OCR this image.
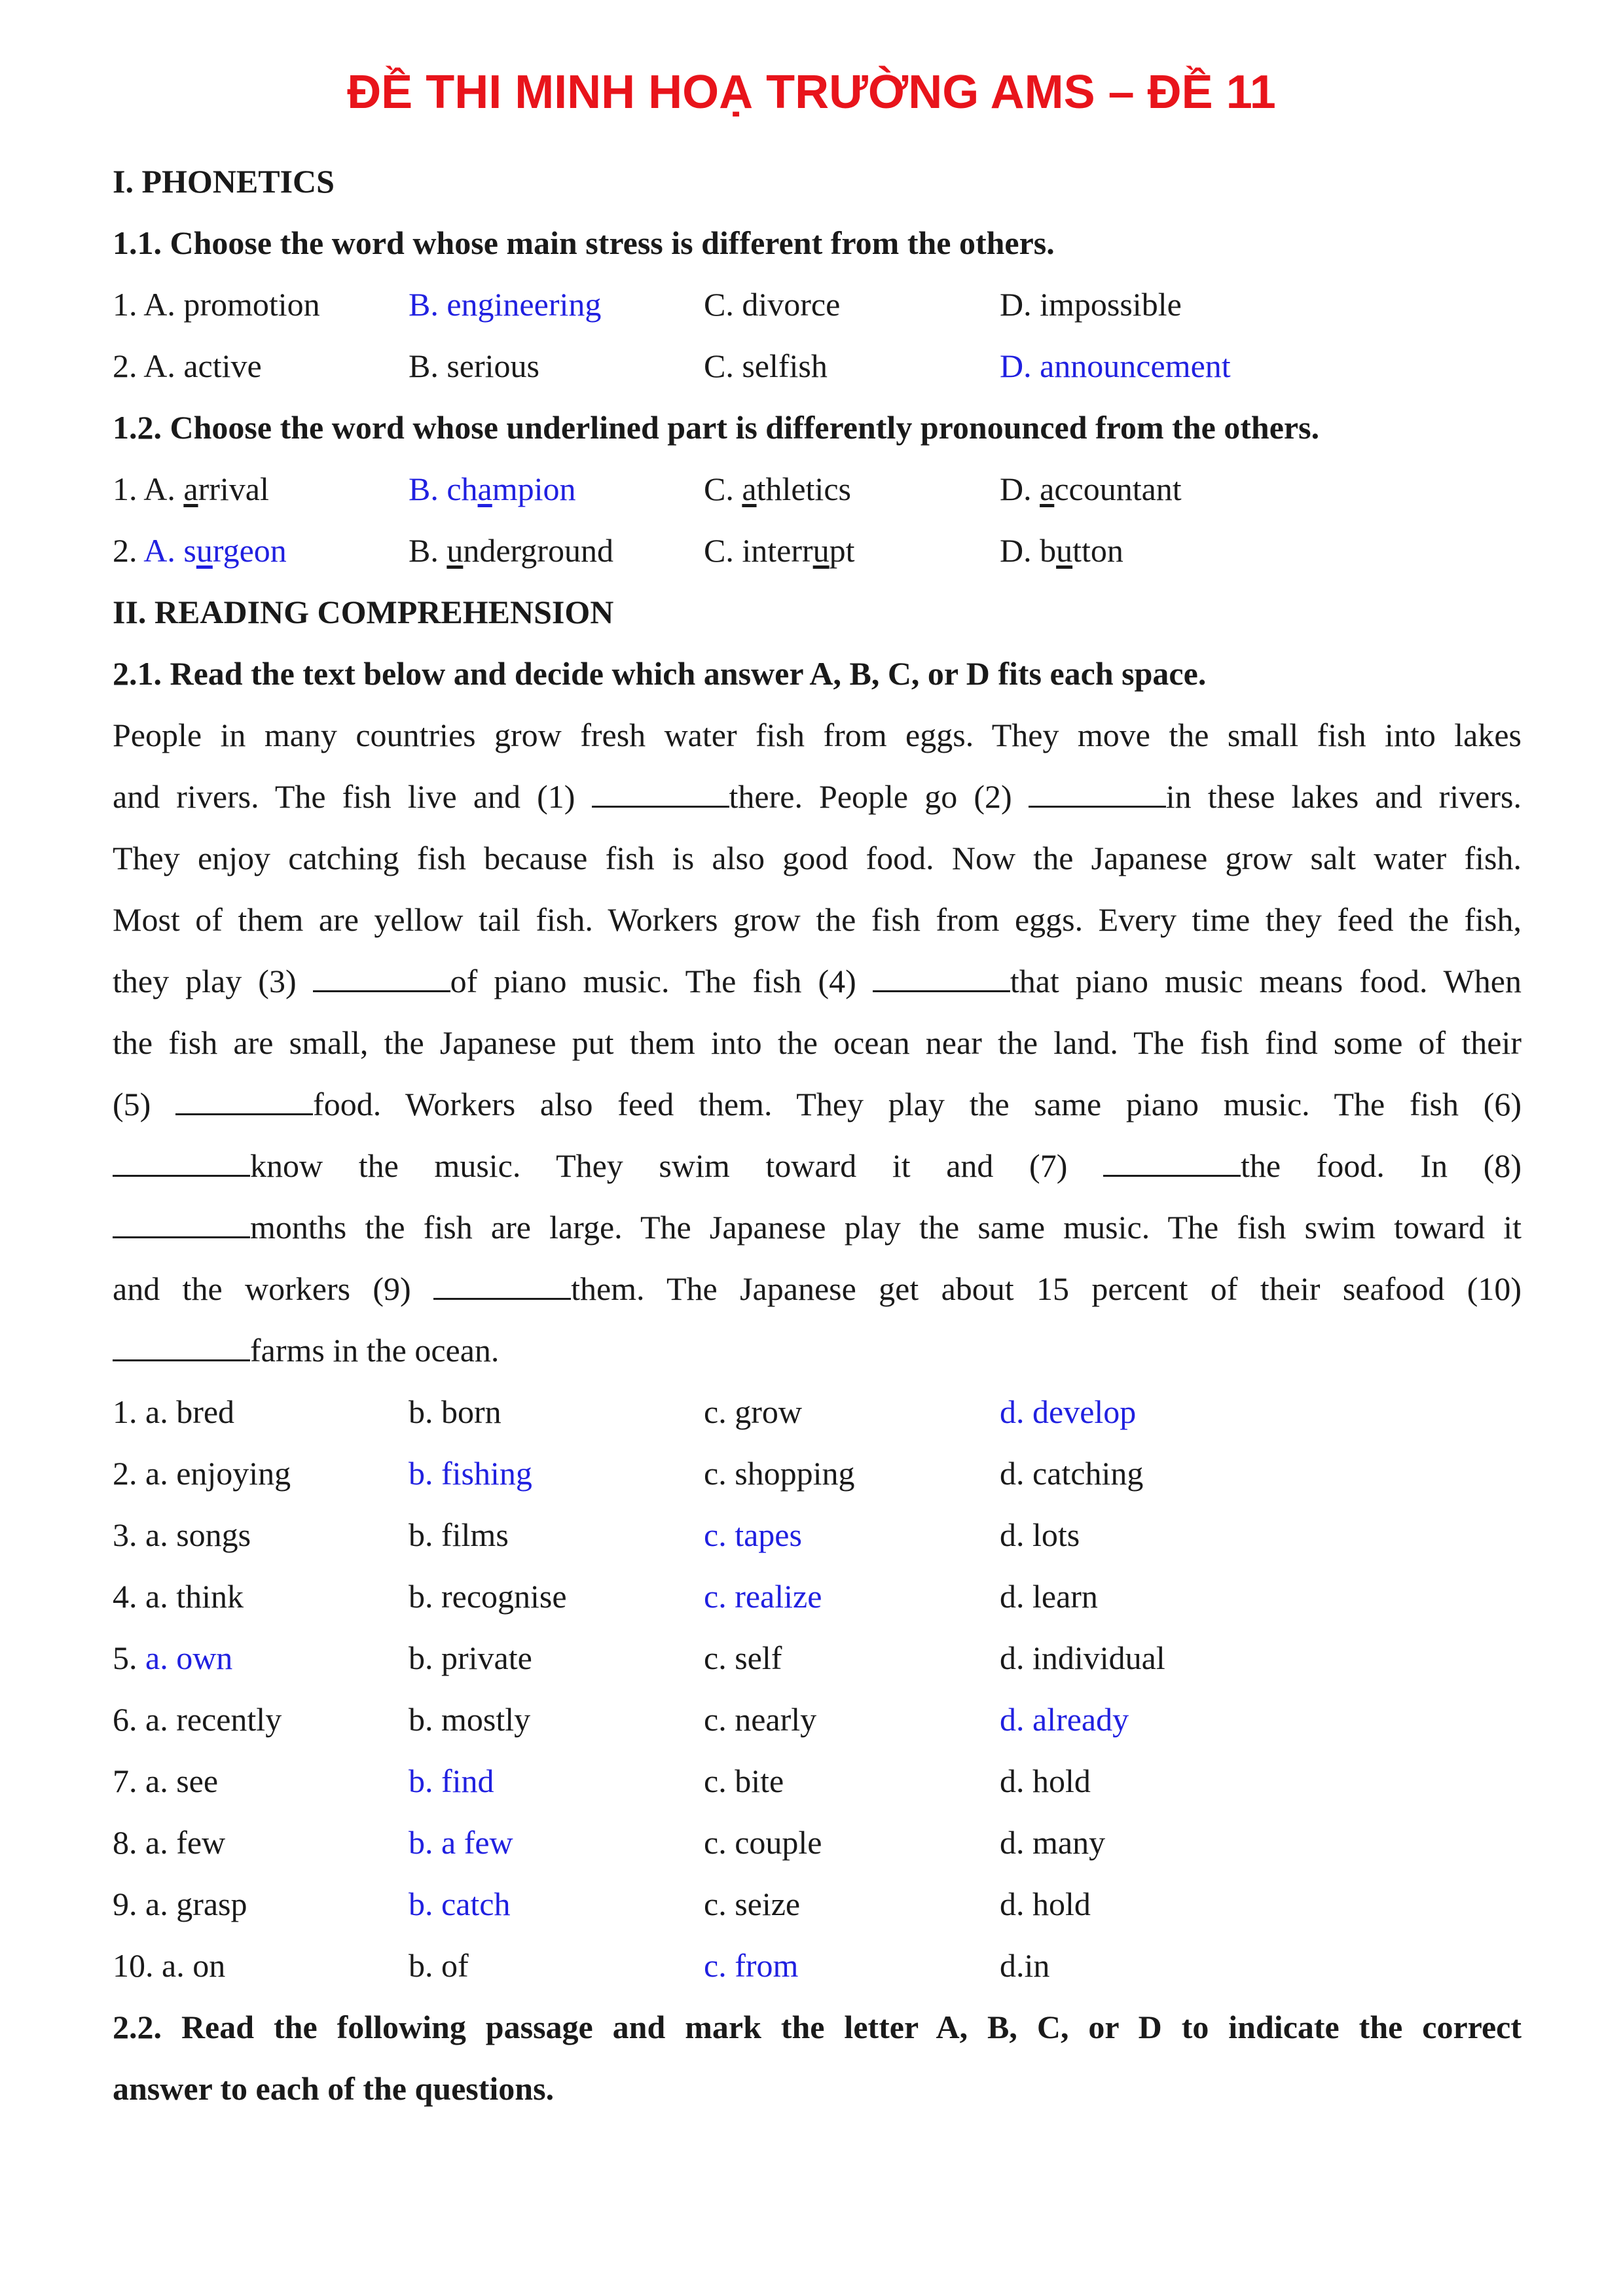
ĐỀ THI MINH HOẠ TRƯỜNG AMS – ĐỀ 11
I. PHONETICS
1.1. Choose the word whose main stress is different from the others.
1. A. promotion	B. engineering	C. divorce	D. impossible
2. A. active	B. serious	C. selfish	D. announcement
1.2. Choose the word whose underlined part is differently pronounced from the others.
1. A. arrival	B. champion	C. athletics	D. accountant
2. A. surgeon	B. underground	C. interrupt	D. button
II. READING COMPREHENSION
2.1. Read the text below and decide which answer A, B, C, or D fits each space.
People in many countries grow fresh water fish from eggs. They move the small fish into lakes
and rivers. The fish live and (1)	there. People go (2)	in these lakes and rivers.
They enjoy catching fish because fish is also good food. Now the Japanese grow salt water fish.
Most of them are yellow tail fish. Workers grow the fish from eggs. Every time they feed the fish,
they play (3)	of piano music. The fish (4)	that piano music means food. When
the fish are small, the Japanese put them into the ocean near the land. The fish find some of their
(5)	food. Workers also feed them. They play the same piano music. The fish (6)
know the music. They swim toward it and (7)	the food. In (8)
months the fish are large. The Japanese play the same music. The fish swim toward it
and the workers (9)	them. The Japanese get about 15 percent of their seafood (10)
farms in the ocean.
1. a. bred	b. born	c. grow	d. develop
2. a. enjoying	b. fishing	c. shopping	d. catching
3. a. songs	b. films	c. tapes	d. lots
4. a. think	b. recognise	c. realize	d. learn
5. a. own	b. private	c. self	d. individual
6. a. recently	b. mostly	c. nearly	d. already
7. a. see	b. find	c. bite	d. hold
8. a. few	b. a few	c. couple	d. many
9. a. grasp	b. catch	c. seize	d. hold
10. a. on	b. of	c. from	d.in
2.2. Read the following passage and mark the letter A, B, C, or D to indicate the correct
answer to each of the questions.
